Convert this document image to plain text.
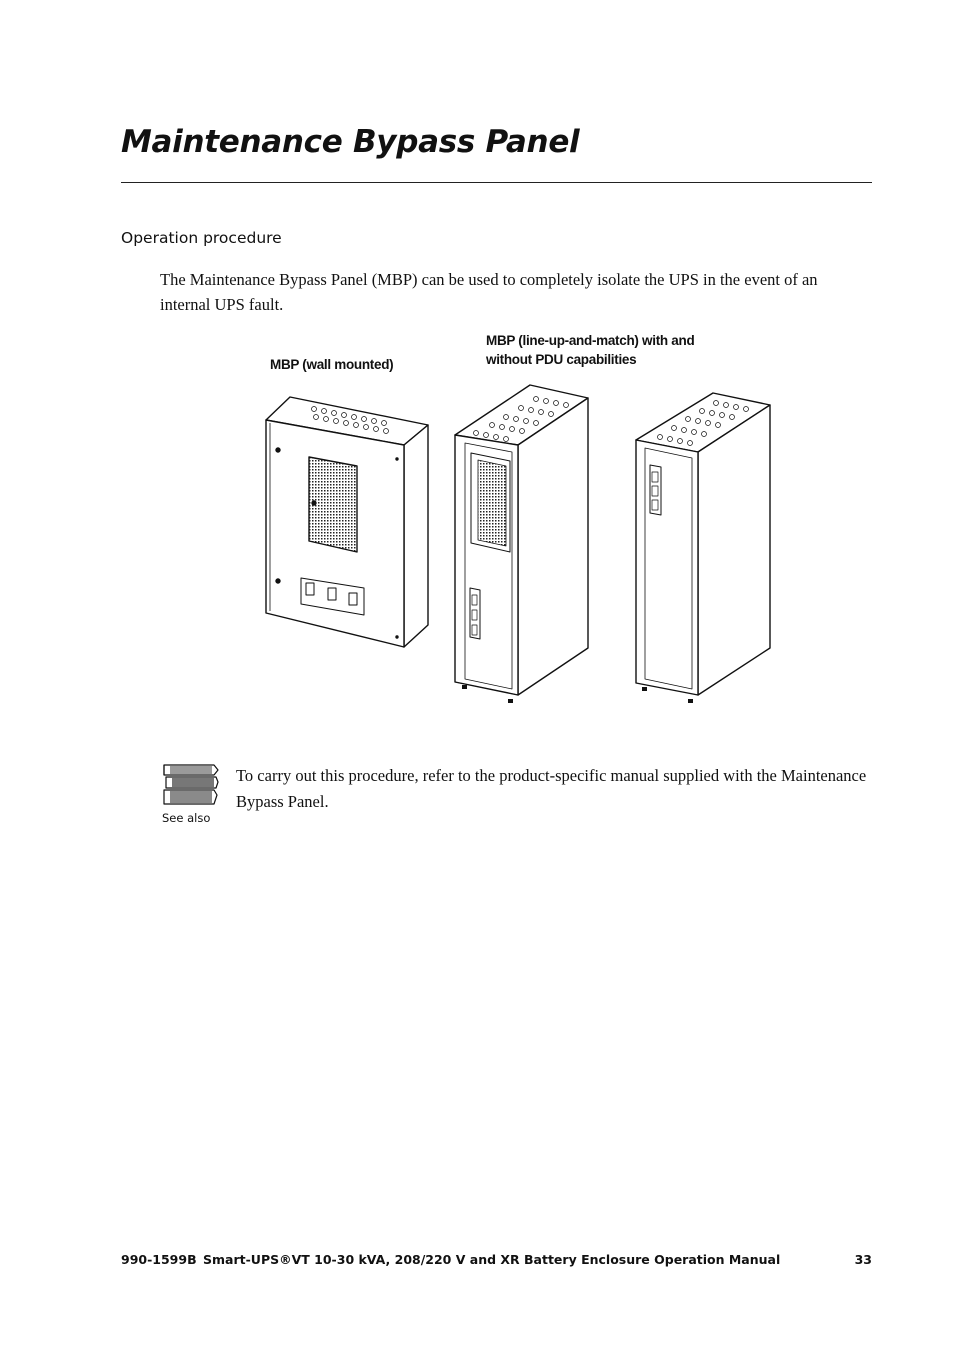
Maintenance Bypass Panel
Operation procedure

The Maintenance Bypass Panel (MBP) can be used to completely isolate the UPS in the event of an internal UPS fault.

MBP (wall mounted)
MBP (line-up-and-match) with and
without PDU capabilities
See also

To carry out this procedure, refer to the product-specific manual supplied with the Maintenance Bypass Panel.

990-1599B Smart-UPS®VT 10-30 kVA, 208/220 V and XR Battery Enclosure Operation Manual	33
